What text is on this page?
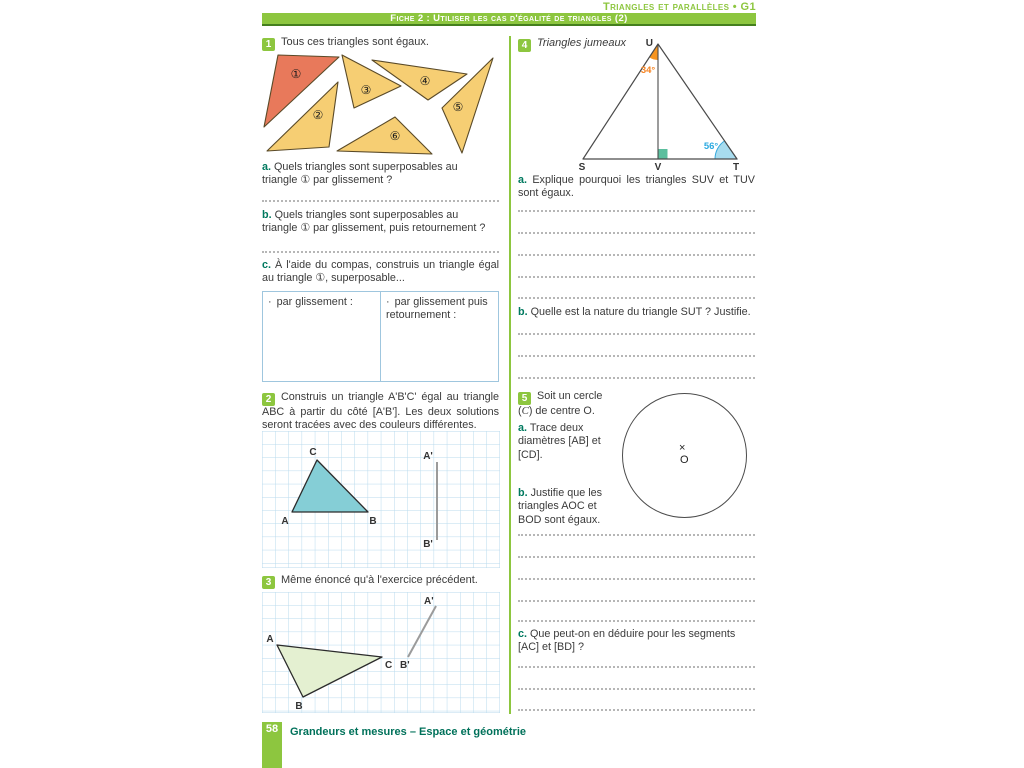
Triangles et parallèles • G1
Fiche 2 : Utiliser les cas d'égalité de triangles (2)
1 Tous ces triangles sont égaux.
①
②
③
④
⑤
⑥

a. Quels triangles sont superposables au triangle ① par glissement ?

b. Quels triangles sont superposables au triangle ① par glissement, puis retournement ?

c. À l'aide du compas, construis un triangle égal au triangle ①, superposable...

· par glissement :	· par glissement puis retournement :

2 Construis un triangle A'B'C' égal au triangle ABC à partir du côté [A'B']. Les deux solutions seront tracées avec des couleurs différentes.

A	B
C	A'
B'
3 Même énoncé qu'à l'exercice précédent.
A
B
C B'
A'
4 Triangles jumeaux U
S	V	T
34°
56°

a. Explique pourquoi les triangles SUV et TUV sont égaux.

b. Quelle est la nature du triangle SUT ? Justifie.

5 Soit un cercle
(C) de centre O.

a. Trace deux diamètres [AB] et [CD].

b. Justifie que les triangles AOC et BOD sont égaux.

×
O

c. Que peut-on en déduire pour les segments [AC] et [BD] ?

58	Grandeurs et mesures – Espace et géométrie
